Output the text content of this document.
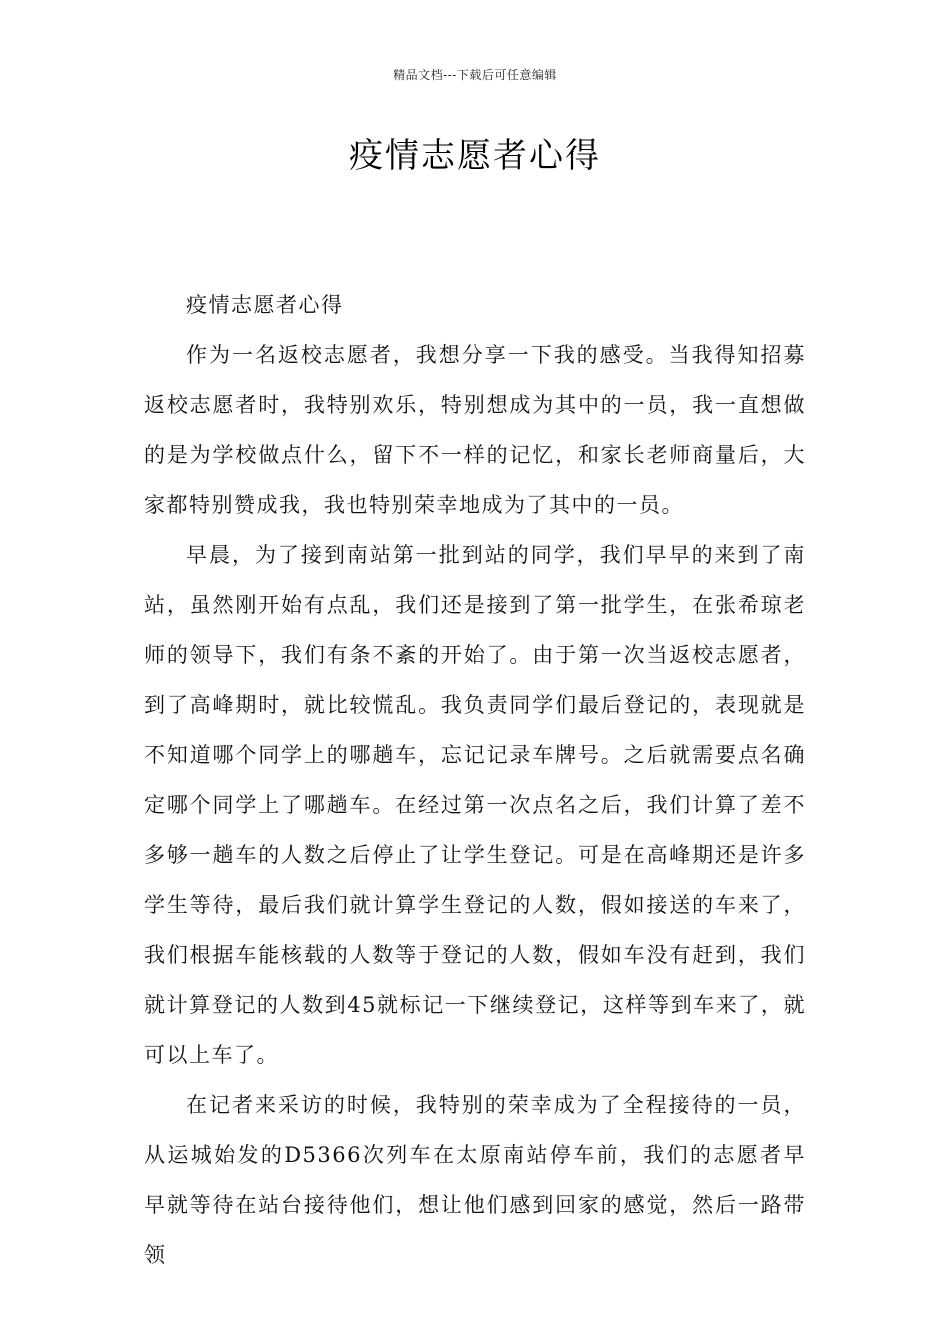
精品文档---下载后可任意编辑
疫情志愿者心得

疫情志愿者心得

作为一名返校志愿者，我想分享一下我的感受。当我得知招募返校志愿者时，我特别欢乐，特别想成为其中的一员，我一直想做的是为学校做点什么，留下不一样的记忆，和家长老师商量后，大家都特别赞成我，我也特别荣幸地成为了其中的一员。

早晨，为了接到南站第一批到站的同学，我们早早的来到了南站，虽然刚开始有点乱，我们还是接到了第一批学生，在张希琼老师的领导下，我们有条不紊的开始了。由于第一次当返校志愿者，到了高峰期时，就比较慌乱。我负责同学们最后登记的，表现就是不知道哪个同学上的哪趟车，忘记记录车牌号。之后就需要点名确定哪个同学上了哪趟车。在经过第一次点名之后，我们计算了差不多够一趟车的人数之后停止了让学生登记。可是在高峰期还是许多学生等待，最后我们就计算学生登记的人数，假如接送的车来了，我们根据车能核载的人数等于登记的人数，假如车没有赶到，我们就计算登记的人数到45就标记一下继续登记，这样等到车来了，就可以上车了。

在记者来采访的时候，我特别的荣幸成为了全程接待的一员，从运城始发的D5366次列车在太原南站停车前，我们的志愿者早早就等待在站台接待他们，想让他们感到回家的感觉，然后一路带领
